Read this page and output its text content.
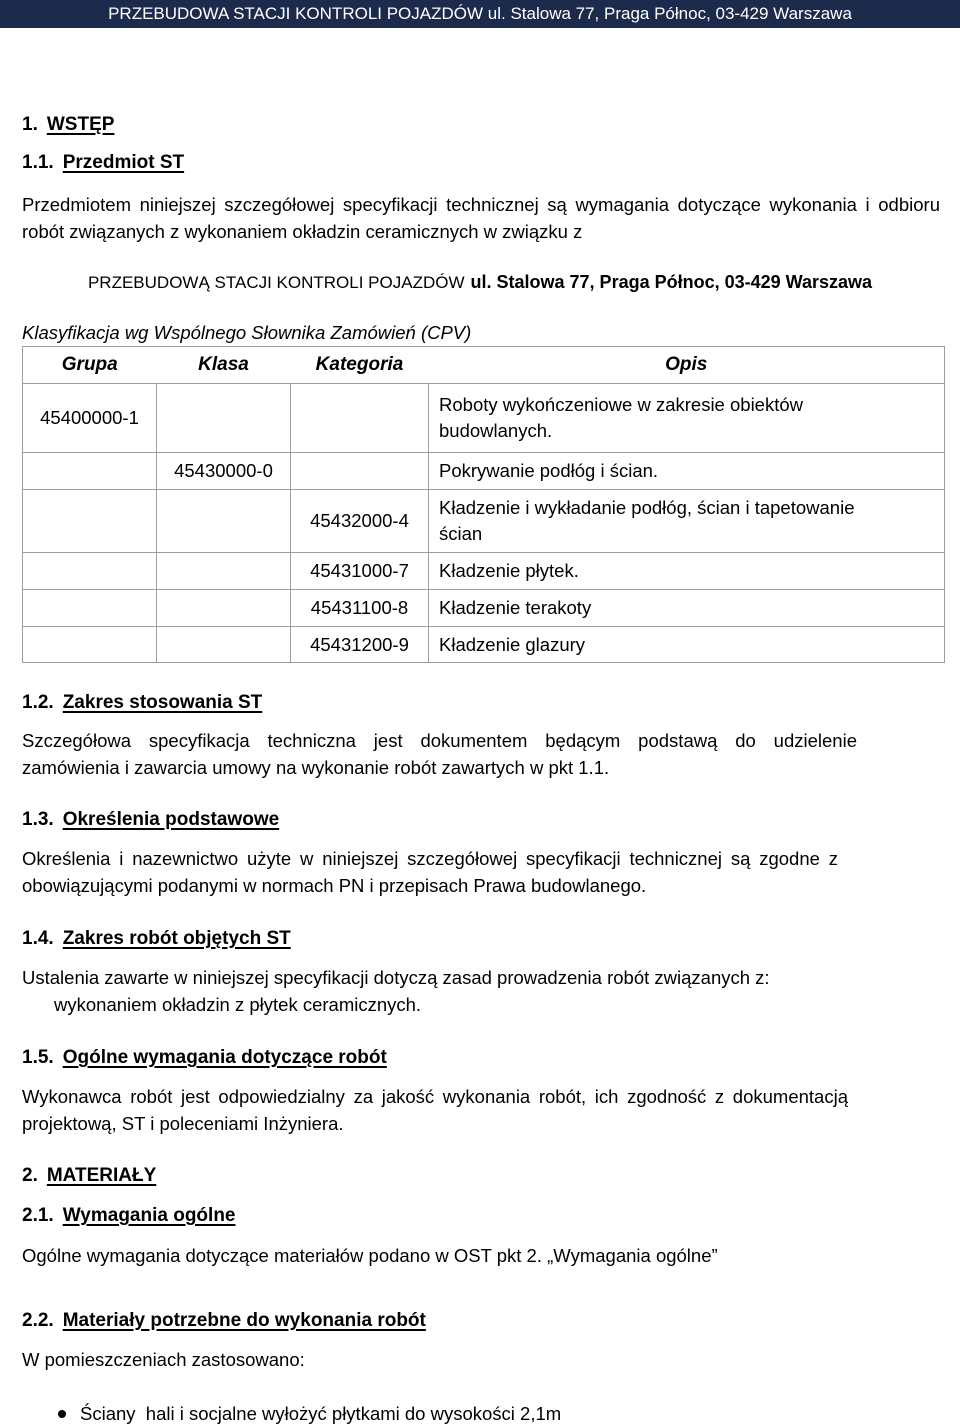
PRZEBUDOWA STACJI KONTROLI POJAZDÓW ul. Stalowa 77, Praga Północ, 03-429 Warszawa
1. WSTĘP
1.1. Przedmiot ST
Przedmiotem niniejszej szczegółowej specyfikacji technicznej są wymagania dotyczące wykonania i odbioru
robót związanych z wykonaniem okładzin ceramicznych w związku z
PRZEBUDOWĄ STACJI KONTROLI POJAZDÓW ul. Stalowa 77, Praga Północ, 03-429 Warszawa
Klasyfikacja wg Wspólnego Słownika Zamówień (CPV)
Grupa	Klasa	Kategoria	Opis
45400000-1			Roboty wykończeniowe w zakresie obiektów budowlanych.

	45430000-0		Pokrywanie podłóg i ścian.

		45432000-4	Kładzenie i wykładanie podłóg, ścian i tapetowanie ścian

		45431000-7	Kładzenie płytek.

		45431100-8	Kładzenie terakoty

		45431200-9	Kładzenie glazury
1.2. Zakres stosowania ST
Szczegółowa specyfikacja techniczna jest dokumentem będącym podstawą do udzielenie
zamówienia i zawarcia umowy na wykonanie robót zawartych w pkt 1.1.
1.3. Określenia podstawowe
Określenia i nazewnictwo użyte w niniejszej szczegółowej specyfikacji technicznej są zgodne z
obowiązującymi podanymi w normach PN i przepisach Prawa budowlanego.
1.4. Zakres robót objętych ST
Ustalenia zawarte w niniejszej specyfikacji dotyczą zasad prowadzenia robót związanych z:
wykonaniem okładzin z płytek ceramicznych.
1.5. Ogólne wymagania dotyczące robót
Wykonawca robót jest odpowiedzialny za jakość wykonania robót, ich zgodność z dokumentacją
projektową, ST i poleceniami Inżyniera.
2. MATERIAŁY
2.1. Wymagania ogólne
Ogólne wymagania dotyczące materiałów podano w OST pkt 2. „Wymagania ogólne”
2.2. Materiały potrzebne do wykonania robót
W pomieszczeniach zastosowano:
Ściany  hali i socjalne wyłożyć płytkami do wysokości 2,1m
